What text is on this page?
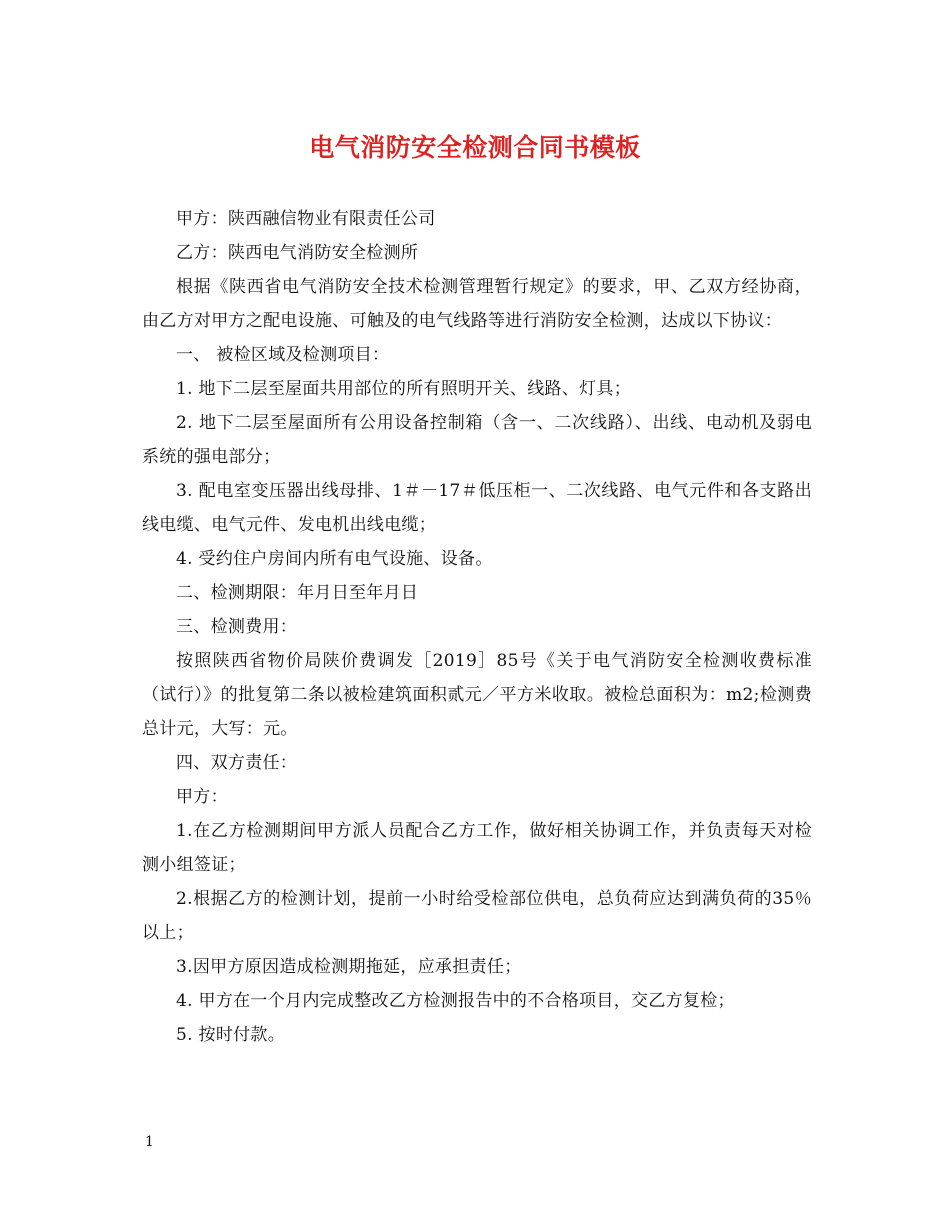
电气消防安全检测合同书模板

甲方：陕西融信物业有限责任公司

乙方：陕西电气消防安全检测所

根据《陕西省电气消防安全技术检测管理暂行规定》的要求，甲、乙双方经协商，由乙方对甲方之配电设施、可触及的电气线路等进行消防安全检测，达成以下协议：

一、 被检区域及检测项目：

1. 地下二层至屋面共用部位的所有照明开关、线路、灯具；

2. 地下二层至屋面所有公用设备控制箱（含一、二次线路）、出线、电动机及弱电系统的强电部分；

3. 配电室变压器出线母排、1＃－17＃低压柜一、二次线路、电气元件和各支路出线电缆、电气元件、发电机出线电缆；

4. 受约住户房间内所有电气设施、设备。

二、检测期限：年月日至年月日

三、检测费用：

按照陕西省物价局陕价费调发［2019］85号《关于电气消防安全检测收费标准（试行）》的批复第二条以被检建筑面积贰元／平方米收取。被检总面积为：m2;检测费总计元，大写：元。

四、双方责任：

甲方：

1.在乙方检测期间甲方派人员配合乙方工作，做好相关协调工作，并负责每天对检测小组签证；

2.根据乙方的检测计划，提前一小时给受检部位供电，总负荷应达到满负荷的35％以上；

3.因甲方原因造成检测期拖延，应承担责任；

4. 甲方在一个月内完成整改乙方检测报告中的不合格项目，交乙方复检；

5. 按时付款。

1
